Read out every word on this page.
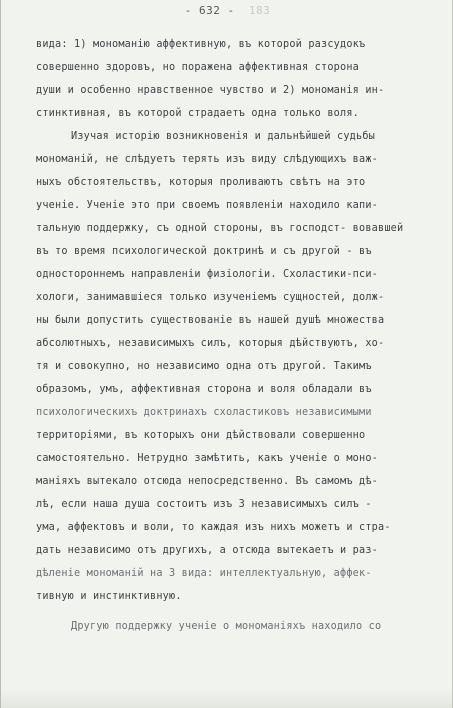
- 632 - 183
вида: 1) мономанію аффективную, въ которой разсудокъ
совершенно здоровъ, но поражена аффективная сторона
души и особенно нравственное чувство и 2) мономанія ин-
стинктивная, въ которой страдаетъ одна только воля.
Изучая исторію возникновенія и дальнѣйшей судьбы
мономаній, не слѣдуетъ терять изъ виду слѣдующихъ важ-
ныхъ обстоятельствъ, которыя проливаютъ свѣтъ на это
ученіе. Ученіе это при своемъ появленіи находило капи-
тальную поддержку, съ одной стороны, въ господст- вовавшей
въ то время психологической доктринѣ и съ другой - въ
одностороннемъ направленіи физіологіи. Схоластики-пси-
хологи, занимавшіеся только изученіемъ сущностей, долж-
ны были допустить существованіе въ нашей душѣ множества
абсолютныхъ, независимыхъ силъ, которыя дѣйствуютъ, хо-
тя и совокупно, но независимо одна отъ другой. Такимъ
образомъ, умъ, аффективная сторона и воля обладали въ
психологическихъ доктринахъ схоластиковъ независимыми
территоріями, въ которыхъ они дѣйствовали совершенно
самостоятельно. Нетрудно замѣтить, какъ ученіе о моно-
маніяхъ вытекало отсюда непосредственно. Въ самомъ дѣ-
лѣ, если наша душа состоитъ изъ 3 независимыхъ силъ -
ума, аффектовъ и воли, то каждая изъ нихъ можетъ и стра-
дать независимо отъ другихъ, а отсюда вытекаетъ и раз-
дѣленіе мономаній на 3 вида: интеллектуальную, аффек-
тивную и инстинктивную.
Другую поддержку ученіе о мономаніяхъ находило со
